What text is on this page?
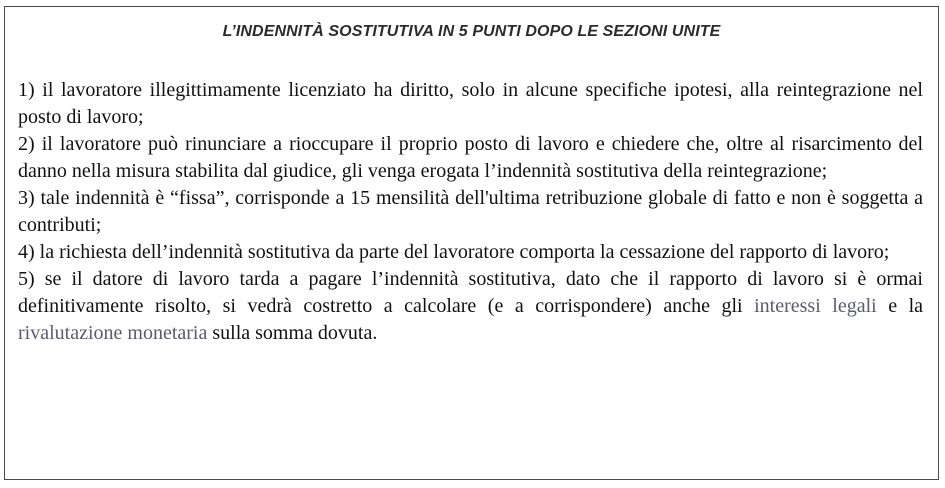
L’INDENNITÀ SOSTITUTIVA IN 5 PUNTI DOPO LE SEZIONI UNITE

1) il lavoratore illegittimamente licenziato ha diritto, solo in alcune specifiche ipotesi, alla reintegrazione nel posto di lavoro;

2) il lavoratore può rinunciare a rioccupare il proprio posto di lavoro e chiedere che, oltre al risarcimento del danno nella misura stabilita dal giudice, gli venga erogata l’indennità sostitutiva della reintegrazione;

3) tale indennità è “fissa”, corrisponde a 15 mensilità dell'ultima retribuzione globale di fatto e non è soggetta a contributi;

4) la richiesta dell’indennità sostitutiva da parte del lavoratore comporta la cessazione del rapporto di lavoro;

5) se il datore di lavoro tarda a pagare l’indennità sostitutiva, dato che il rapporto di lavoro si è ormai definitivamente risolto, si vedrà costretto a calcolare (e a corrispondere) anche gli interessi legali e la rivalutazione monetaria sulla somma dovuta.
